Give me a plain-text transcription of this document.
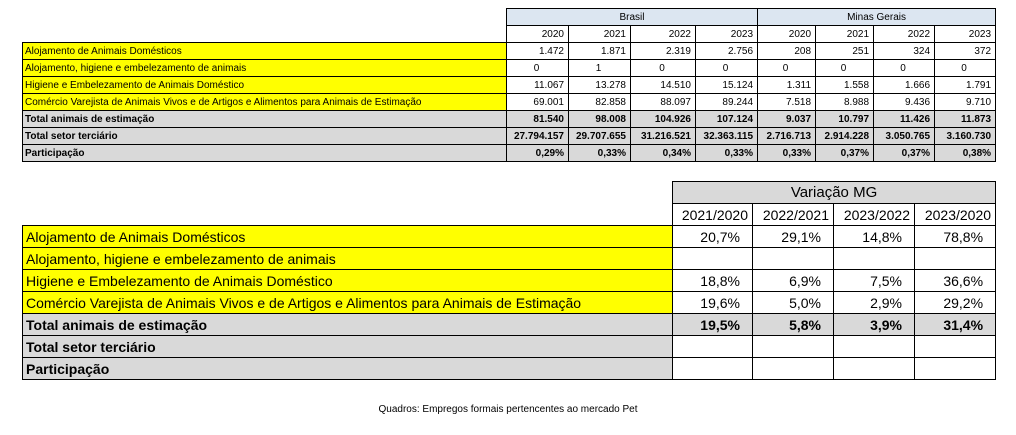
	Brasil				Minas Gerais			
	2020	2021	2022	2023	2020	2021	2022	2023
Alojamento de Animais Domésticos	1.472	1.871	2.319	2.756	208	251	324	372
Alojamento, higiene e embelezamento de animais	0	1	0	0	0	0	0	0
Higiene e Embelezamento de Animais Doméstico	11.067	13.278	14.510	15.124	1.311	1.558	1.666	1.791
Comércio Varejista de Animais Vivos e de Artigos e Alimentos para Animais de Estimação	69.001	82.858	88.097	89.244	7.518	8.988	9.436	9.710
Total animais de estimação	81.540	98.008	104.926	107.124	9.037	10.797	11.426	11.873
Total setor terciário	27.794.157	29.707.655	31.216.521	32.363.115	2.716.713	2.914.228	3.050.765	3.160.730
Participação	0,29%	0,33%	0,34%	0,33%	0,33%	0,37%	0,37%	0,38%
	Variação MG			
	2021/2020	2022/2021	2023/2022	2023/2020
Alojamento de Animais Domésticos	20,7%	29,1%	14,8%	78,8%
Alojamento, higiene e embelezamento de animais				
Higiene e Embelezamento de Animais Doméstico	18,8%	6,9%	7,5%	36,6%
Comércio Varejista de Animais Vivos e de Artigos e Alimentos para Animais de Estimação	19,6%	5,0%	2,9%	29,2%
Total animais de estimação	19,5%	5,8%	3,9%	31,4%
Total setor terciário				
Participação				
Quadros: Empregos formais pertencentes ao mercado Pet
